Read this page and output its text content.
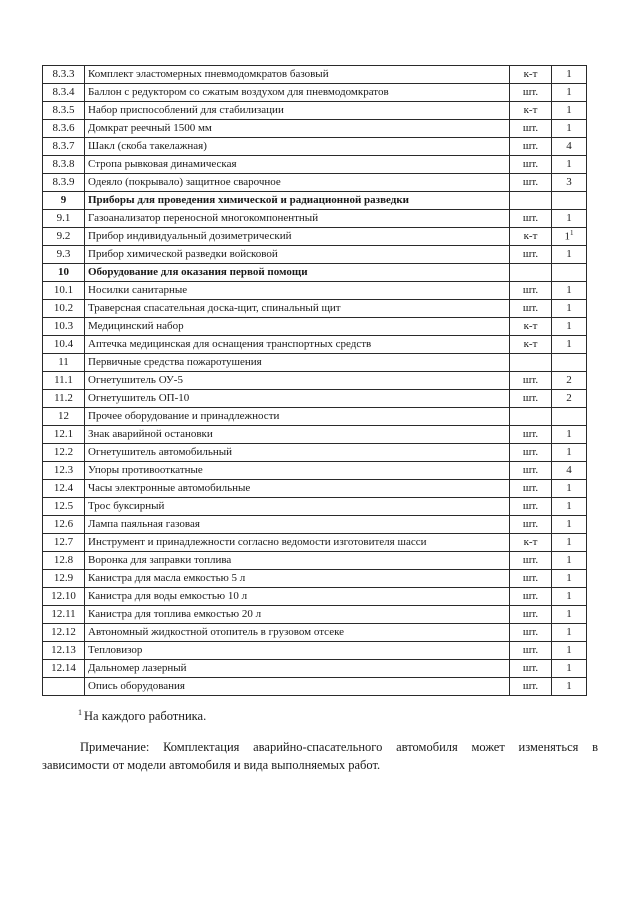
8.3.3	Комплект эластомерных пневмодомкратов базовый	к-т	1
8.3.4	Баллон с редуктором со сжатым воздухом для пневмодомкратов	шт.	1
8.3.5	Набор приспособлений для стабилизации	к-т	1
8.3.6	Домкрат реечный 1500 мм	шт.	1
8.3.7	Шакл (скоба такелажная)	шт.	4
8.3.8	Стропа рывковая динамическая	шт.	1
8.3.9	Одеяло (покрывало) защитное сварочное	шт.	3
9	Приборы для проведения химической и радиационной разведки		
9.1	Газоанализатор переносной многокомпонентный	шт.	1
9.2	Прибор индивидуальный дозиметрический	к-т	$1^1$
9.3	Прибор химической разведки войсковой	шт.	1
10	Оборудование для оказания первой помощи		
10.1	Носилки санитарные	шт.	1
10.2	Траверсная спасательная доска-щит, спинальный щит	шт.	1
10.3	Медицинский набор	к-т	1
10.4	Аптечка медицинская для оснащения транспортных средств	к-т	1
11	Первичные средства пожаротушения		
11.1	Огнетушитель ОУ-5	шт.	2
11.2	Огнетушитель ОП-10	шт.	2
12	Прочее оборудование и принадлежности		
12.1	Знак аварийной остановки	шт.	1
12.2	Огнетушитель автомобильный	шт.	1
12.3	Упоры противооткатные	шт.	4
12.4	Часы электронные автомобильные	шт.	1
12.5	Трос буксирный	шт.	1
12.6	Лампа паяльная газовая	шт.	1
12.7	Инструмент и принадлежности согласно ведомости изготовителя шасси	к-т	1
12.8	Воронка для заправки топлива	шт.	1
12.9	Канистра для масла емкостью 5 л	шт.	1
12.10	Канистра для воды емкостью 10 л	шт.	1
12.11	Канистра для топлива емкостью 20 л	шт.	1
12.12	Автономный жидкостной отопитель в грузовом отсеке	шт.	1
12.13	Тепловизор	шт.	1
12.14	Дальномер лазерный	шт.	1
	Опись оборудования	шт.	1
$^1$ На каждого работника.
Примечание: Комплектация аварийно-спасательного автомобиля может изменяться в зависимости от модели автомобиля и вида выполняемых работ.
